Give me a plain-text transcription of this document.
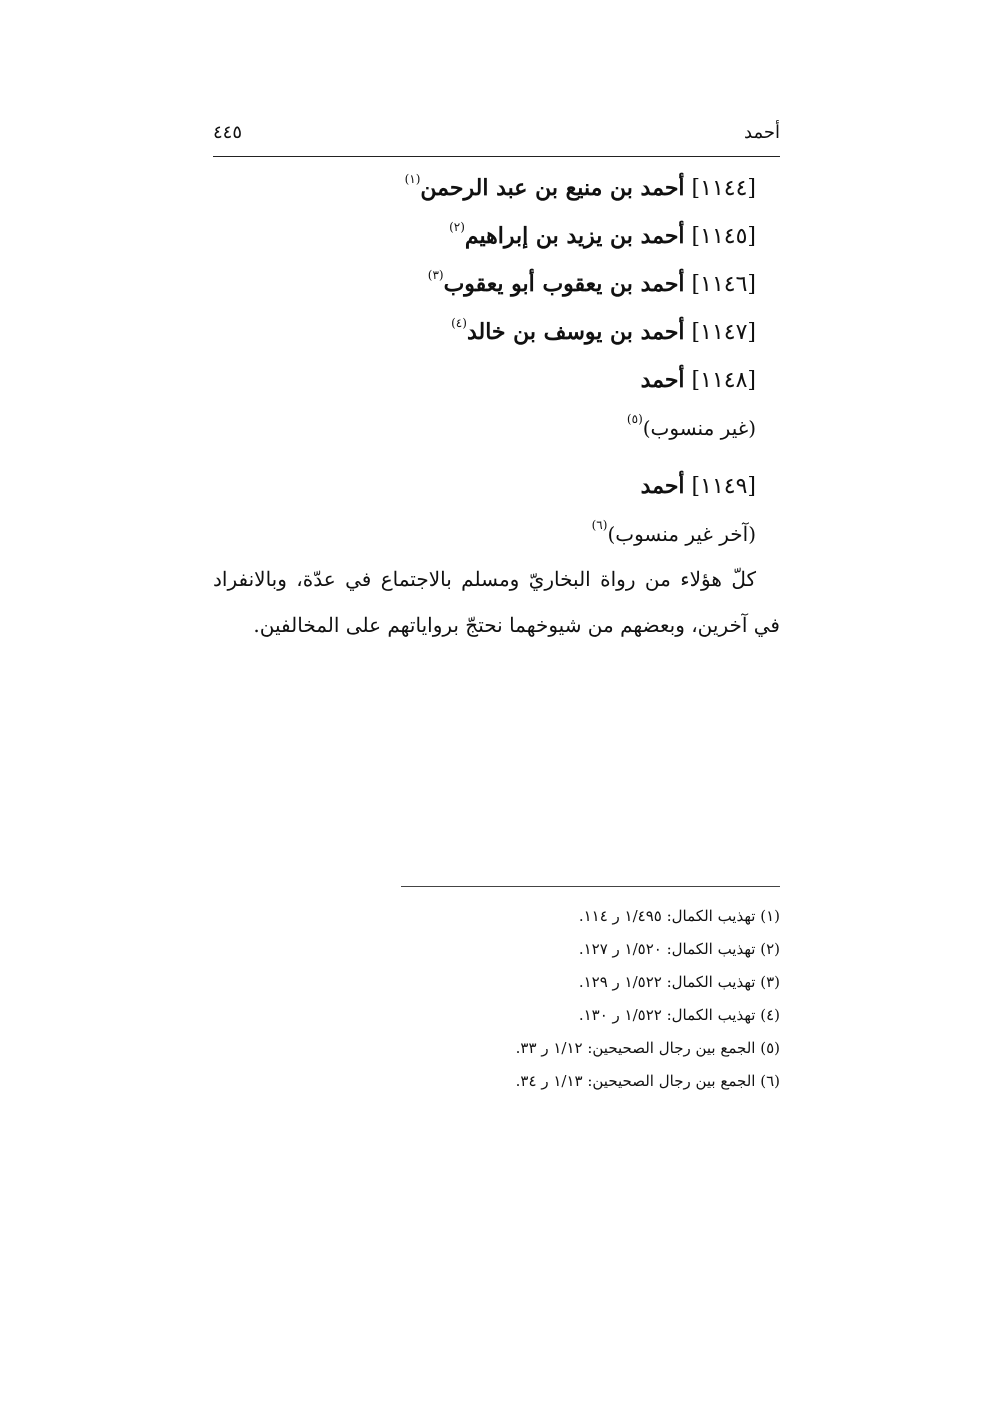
أحمد
٤٤٥
[١١٤٤] أحمد بن منيع بن عبد الرحمن$^{(١)}$
[١١٤٥] أحمد بن يزيد بن إبراهيم$^{(٢)}$
[١١٤٦] أحمد بن يعقوب أبو يعقوب$^{(٣)}$
[١١٤٧] أحمد بن يوسف بن خالد$^{(٤)}$
[١١٤٨] أحمد
(غير منسوب)$^{(٥)}$
[١١٤٩] أحمد
(آخر غير منسوب)$^{(٦)}$
كلّ هؤلاء من رواة البخاريّ ومسلم بالاجتماع في عدّة، وبالانفراد في آخرين، وبعضهم من شيوخهما نحتجّ برواياتهم على المخالفين.
(١) تهذيب الكمال: ١/٤٩٥ ر ١١٤.
(٢) تهذيب الكمال: ١/٥٢٠ ر ١٢٧.
(٣) تهذيب الكمال: ١/٥٢٢ ر ١٢٩.
(٤) تهذيب الكمال: ١/٥٢٢ ر ١٣٠.
(٥) الجمع بين رجال الصحيحين: ١/١٢ ر ٣٣.
(٦) الجمع بين رجال الصحيحين: ١/١٣ ر ٣٤.
